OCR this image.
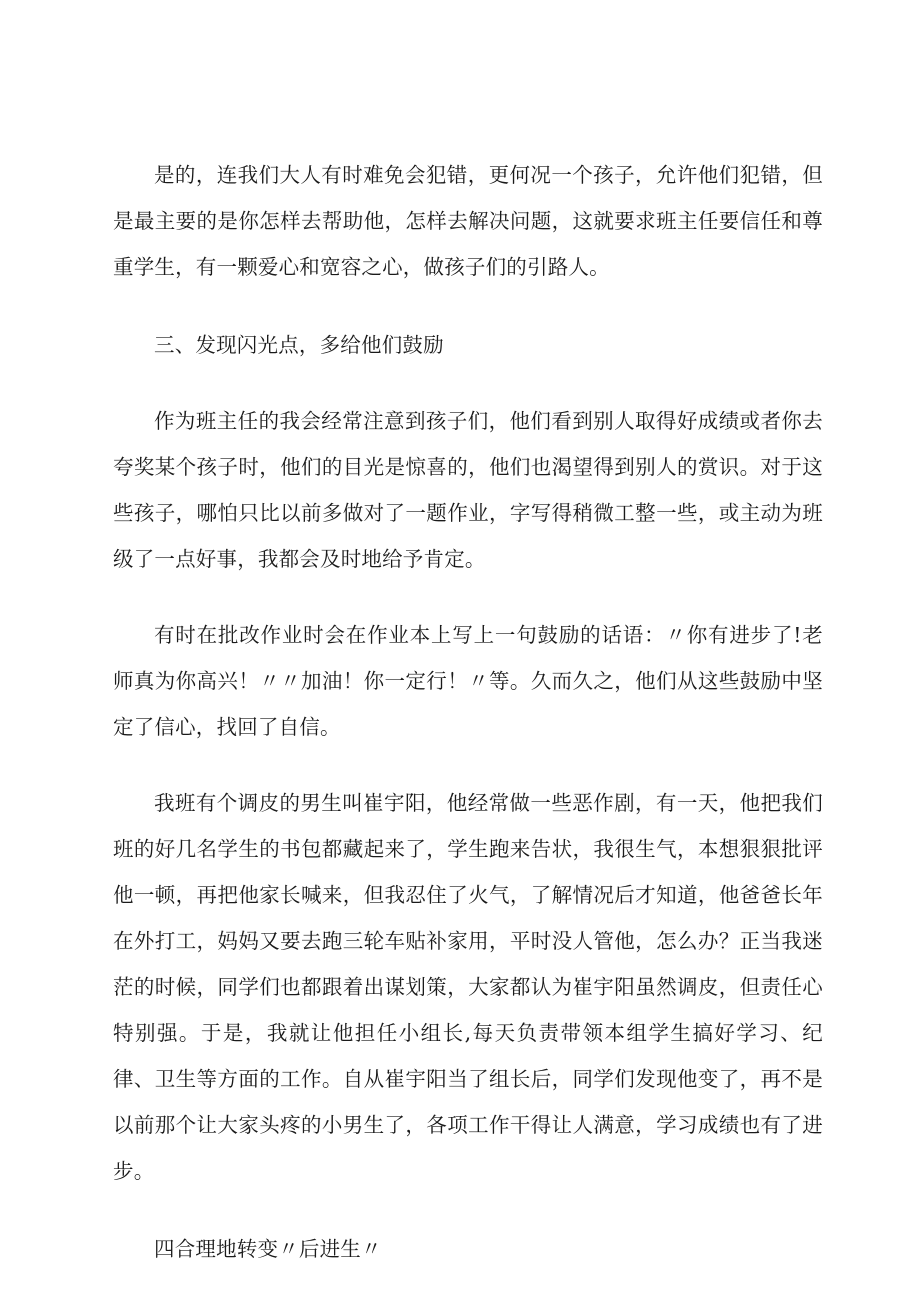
是的，连我们大人有时难免会犯错，更何况一个孩子，允许他们犯错，但是最主要的是你怎样去帮助他，怎样去解决问题，这就要求班主任要信任和尊重学生，有一颗爱心和宽容之心，做孩子们的引路人。

三、发现闪光点，多给他们鼓励

作为班主任的我会经常注意到孩子们，他们看到别人取得好成绩或者你去夸奖某个孩子时，他们的目光是惊喜的，他们也渴望得到别人的赏识。对于这些孩子，哪怕只比以前多做对了一题作业，字写得稍微工整一些，或主动为班级了一点好事，我都会及时地给予肯定。

有时在批改作业时会在作业本上写上一句鼓励的话语：〃你有进步了!老师真为你高兴！〃〃加油！你一定行！〃等。久而久之，他们从这些鼓励中坚定了信心，找回了自信。

我班有个调皮的男生叫崔宇阳，他经常做一些恶作剧，有一天，他把我们班的好几名学生的书包都藏起来了，学生跑来告状，我很生气，本想狠狠批评他一顿，再把他家长喊来，但我忍住了火气，了解情况后才知道，他爸爸长年在外打工，妈妈又要去跑三轮车贴补家用，平时没人管他，怎么办？正当我迷茫的时候，同学们也都跟着出谋划策，大家都认为崔宇阳虽然调皮，但责任心特别强。于是，我就让他担任小组长,每天负责带领本组学生搞好学习、纪律、卫生等方面的工作。自从崔宇阳当了组长后，同学们发现他变了，再不是以前那个让大家头疼的小男生了，各项工作干得让人满意，学习成绩也有了进步。

四合理地转变〃后进生〃
